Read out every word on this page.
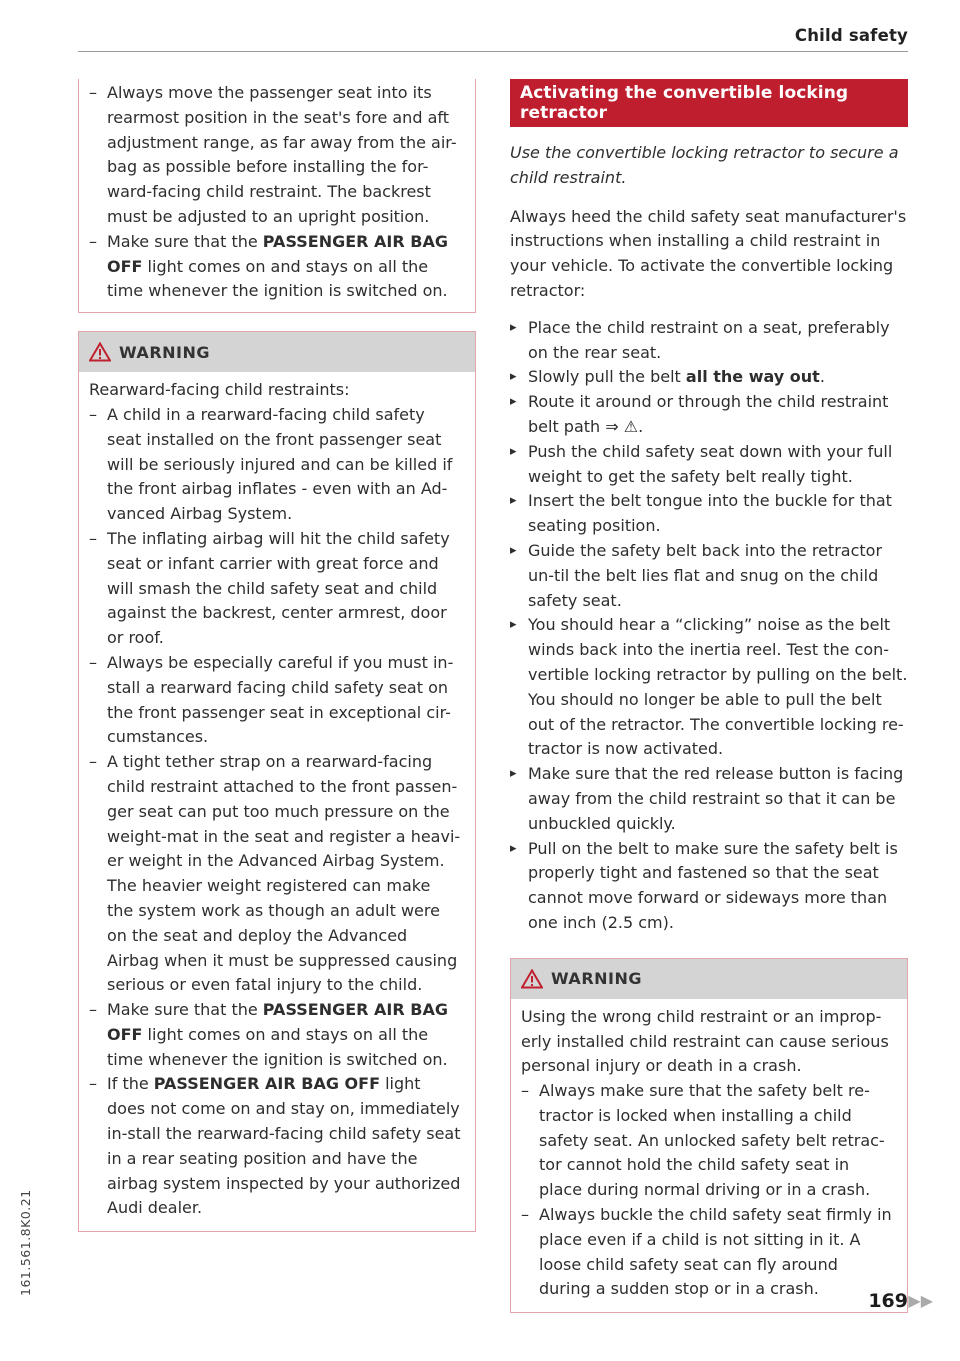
Child safety
161.561.8K0.21
– Always move the passenger seat into its rearmost position in the seat's fore and aft adjustment range, as far away from the air-bag as possible before installing the for-ward-facing child restraint. The backrest must be adjusted to an upright position.
– Make sure that the PASSENGER AIR BAG OFF light comes on and stays on all the time whenever the ignition is switched on.
WARNING
Rearward-facing child restraints:
– A child in a rearward-facing child safety seat installed on the front passenger seat will be seriously injured and can be killed if the front airbag inflates - even with an Ad-vanced Airbag System.
– The inflating airbag will hit the child safety seat or infant carrier with great force and will smash the child safety seat and child against the backrest, center armrest, door or roof.
– Always be especially careful if you must in-stall a rearward facing child safety seat on the front passenger seat in exceptional cir-cumstances.
– A tight tether strap on a rearward-facing child restraint attached to the front passen-ger seat can put too much pressure on the weight-mat in the seat and register a heavi-er weight in the Advanced Airbag System. The heavier weight registered can make the system work as though an adult were on the seat and deploy the Advanced Airbag when it must be suppressed causing serious or even fatal injury to the child.
– Make sure that the PASSENGER AIR BAG OFF light comes on and stays on all the time whenever the ignition is switched on.
– If the PASSENGER AIR BAG OFF light does not come on and stay on, immediately in-stall the rearward-facing child safety seat in a rear seating position and have the airbag system inspected by your authorized Audi dealer.
Activating the convertible locking retractor
Use the convertible locking retractor to secure a child restraint.
Always heed the child safety seat manufacturer's instructions when installing a child restraint in your vehicle. To activate the convertible locking retractor:
▸ Place the child restraint on a seat, preferably on the rear seat.
▸ Slowly pull the belt all the way out.
▸ Route it around or through the child restraint belt path ⇒ ⚠.
▸ Push the child safety seat down with your full weight to get the safety belt really tight.
▸ Insert the belt tongue into the buckle for that seating position.
▸ Guide the safety belt back into the retractor un-til the belt lies flat and snug on the child safety seat.
▸ You should hear a “clicking” noise as the belt winds back into the inertia reel. Test the con-vertible locking retractor by pulling on the belt. You should no longer be able to pull the belt out of the retractor. The convertible locking re-tractor is now activated.
▸ Make sure that the red release button is facing away from the child restraint so that it can be unbuckled quickly.
▸ Pull on the belt to make sure the safety belt is properly tight and fastened so that the seat cannot move forward or sideways more than one inch (2.5 cm).
WARNING
Using the wrong child restraint or an improp-erly installed child restraint can cause serious personal injury or death in a crash.
– Always make sure that the safety belt re-tractor is locked when installing a child safety seat. An unlocked safety belt retrac-tor cannot hold the child safety seat in place during normal driving or in a crash.
– Always buckle the child safety seat firmly in place even if a child is not sitting in it. A loose child safety seat can fly around during a sudden stop or in a crash.
▶▶
169
